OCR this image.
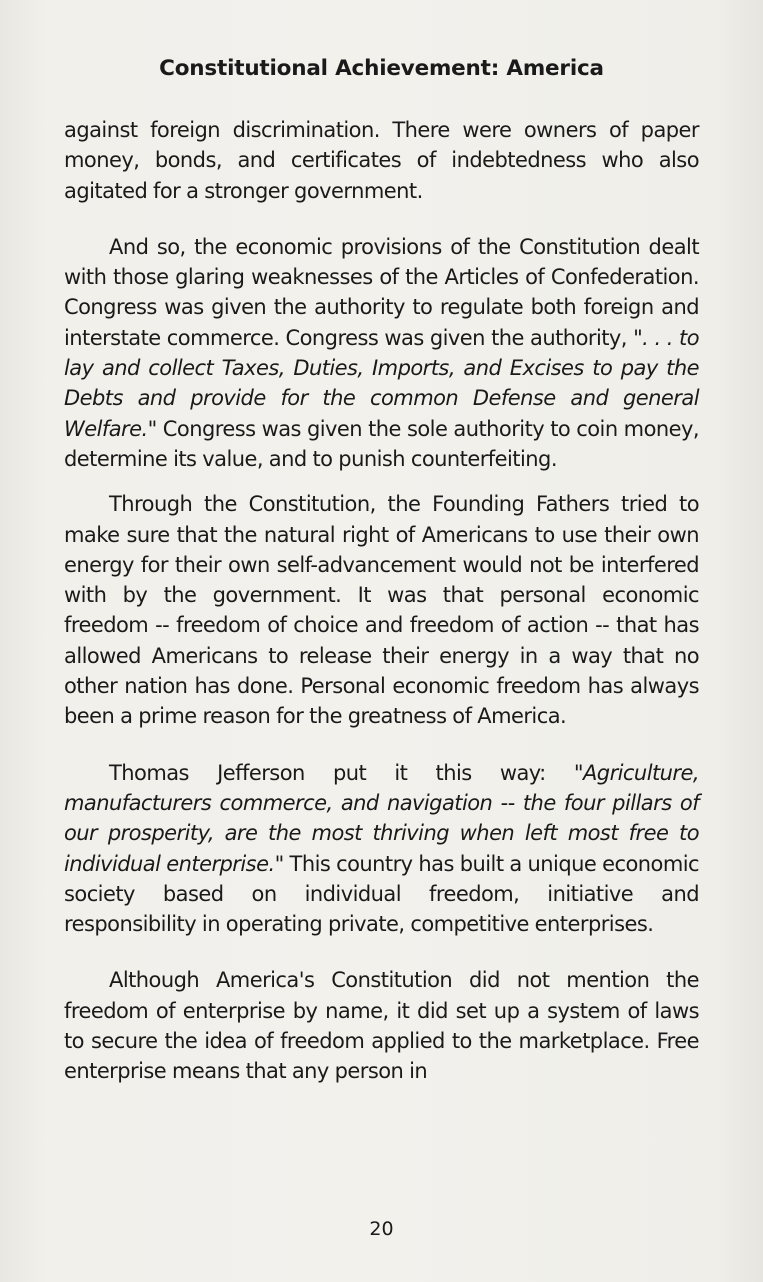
Constitutional Achievement: America

against foreign discrimination. There were owners of paper money, bonds, and certificates of indebtedness who also agitated for a stronger government.

And so, the economic provisions of the Constitution dealt with those glaring weaknesses of the Articles of Confederation. Congress was given the authority to regulate both foreign and interstate commerce. Congress was given the authority, ". . . to lay and collect Taxes, Duties, Imports, and Excises to pay the Debts and provide for the common Defense and general Welfare." Congress was given the sole authority to coin money, determine its value, and to punish counterfeiting.

Through the Constitution, the Founding Fathers tried to make sure that the natural right of Americans to use their own energy for their own self-advancement would not be interfered with by the government. It was that personal economic freedom -- freedom of choice and freedom of action -- that has allowed Americans to release their energy in a way that no other nation has done. Personal economic freedom has always been a prime reason for the greatness of America.

Thomas Jefferson put it this way: "Agriculture, manufacturers commerce, and navigation -- the four pillars of our prosperity, are the most thriving when left most free to individual enterprise." This country has built a unique economic society based on individual freedom, initiative and responsibility in operating private, competitive enterprises.

Although America's Constitution did not mention the freedom of enterprise by name, it did set up a system of laws to secure the idea of freedom applied to the marketplace. Free enterprise means that any person in

20
